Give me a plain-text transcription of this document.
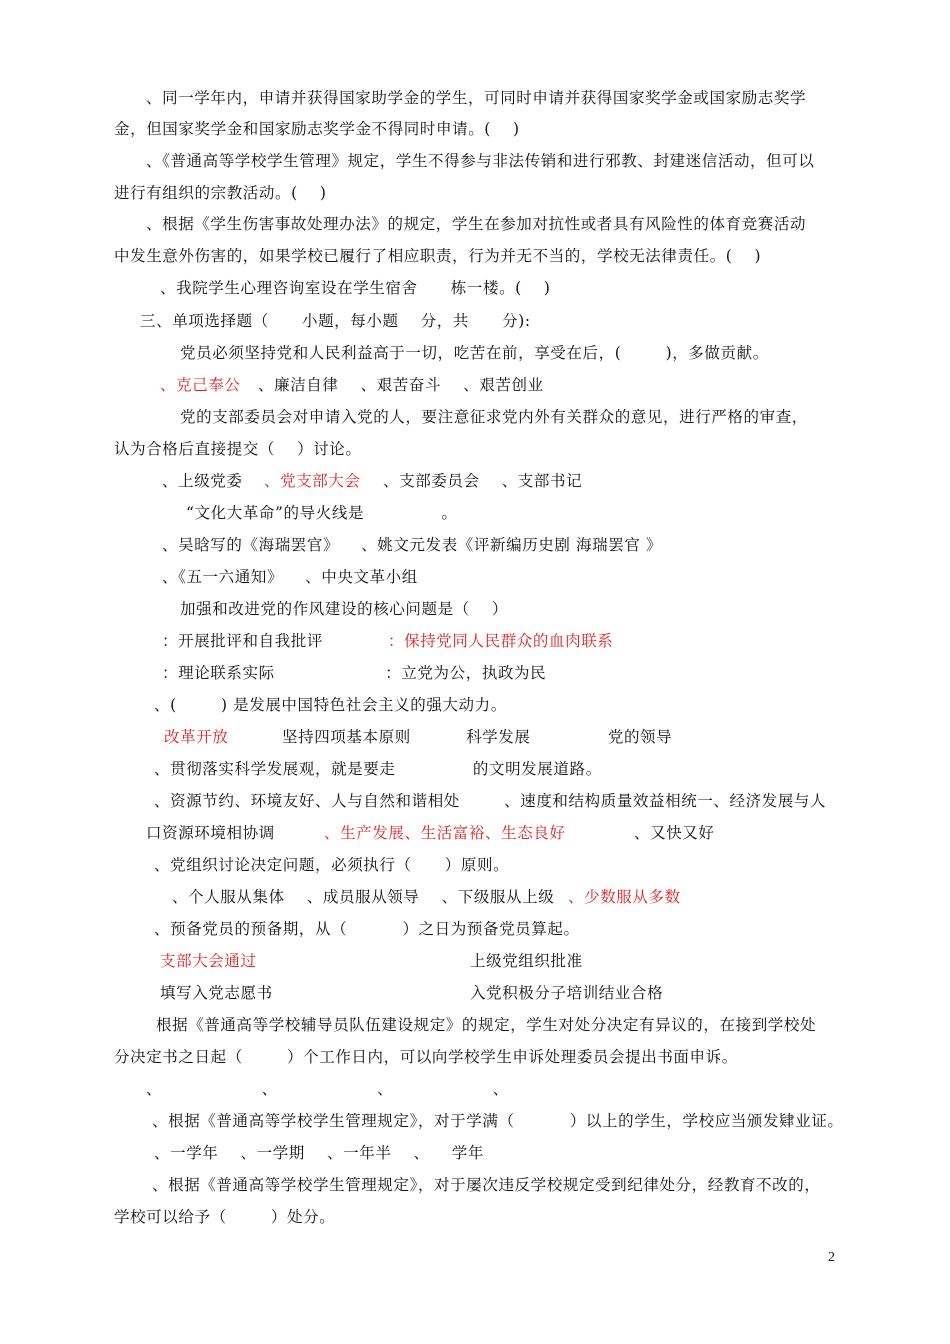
、同一学年内，申请并获得国家助学金的学生，可同时申请并获得国家奖学金或国家励志奖学
金，但国家奖学金和国家励志奖学金不得同时申请。(    )
、《普通高等学校学生管理》规定，学生不得参与非法传销和进行邪教、封建迷信活动，但可以
进行有组织的宗教活动。(    )
、根据《学生伤害事故处理办法》的规定，学生在参加对抗性或者具有风险性的体育竞赛活动
中发生意外伤害的，如果学校已履行了相应职责，行为并无不当的，学校无法律责任。(    )
、我院学生心理咨询室设在学生宿舍      栋一楼。(    )
三、单项选择题（      小题，每小题    分，共      分):
党员必须坚持党和人民利益高于一切，吃苦在前，享受在后，(        )，多做贡献。
、克己奉公 、廉洁自律    、艰苦奋斗    、艰苦创业
党的支部委员会对申请入党的人，要注意征求党内外有关群众的意见，进行严格的审查，
认为合格后直接提交（    ）讨论。
、上级党委 、党支部大会 、支部委员会    、支部书记
“文化大革命”的导火线是              。
、吴晗写的《海瑞罢官》    、姚文元发表《评新编历史剧 海瑞罢官 》
、《五一六通知》    、中央文革小组
加强和改进党的作风建设的核心问题是（    ）
：开展批评和自我批评	：保持党同人民群众的血肉联系
：理论联系实际                    ：立党为公，执政为民
、(        ) 是发展中国特色社会主义的强大动力。
改革开放	坚持四项基本原则          科学发展              党的领导
、贯彻落实科学发展观，就是要走              的文明发展道路。
、资源节约、环境友好、人与自然和谐相处        、速度和结构质量效益相统一、经济发展与人
口资源环境相协调	、生产发展、生活富裕、生态良好	、又快又好
、党组织讨论决定问题，必须执行（      ）原则。
、个人服从集体    、成员服从领导    、下级服从上级 、少数服从多数
、预备党员的预备期，从（          ）之日为预备党员算起。
支部大会通过	上级党组织批准
填写入党志愿书	入党积极分子培训结业合格
根据《普通高等学校辅导员队伍建设规定》的规定，学生对处分决定有异议的，在接到学校处
分决定书之日起（        ）个工作日内，可以向学校学生申诉处理委员会提出书面申诉。
、                  、                  、                  、
、根据《普通高等学校学生管理规定》，对于学满（          ）以上的学生，学校应当颁发肄业证。
、一学年    、一学期    、一年半    、    学年
、根据《普通高等学校学生管理规定》，对于屡次违反学校规定受到纪律处分，经教育不改的，
学校可以给予（        ）处分。
2
